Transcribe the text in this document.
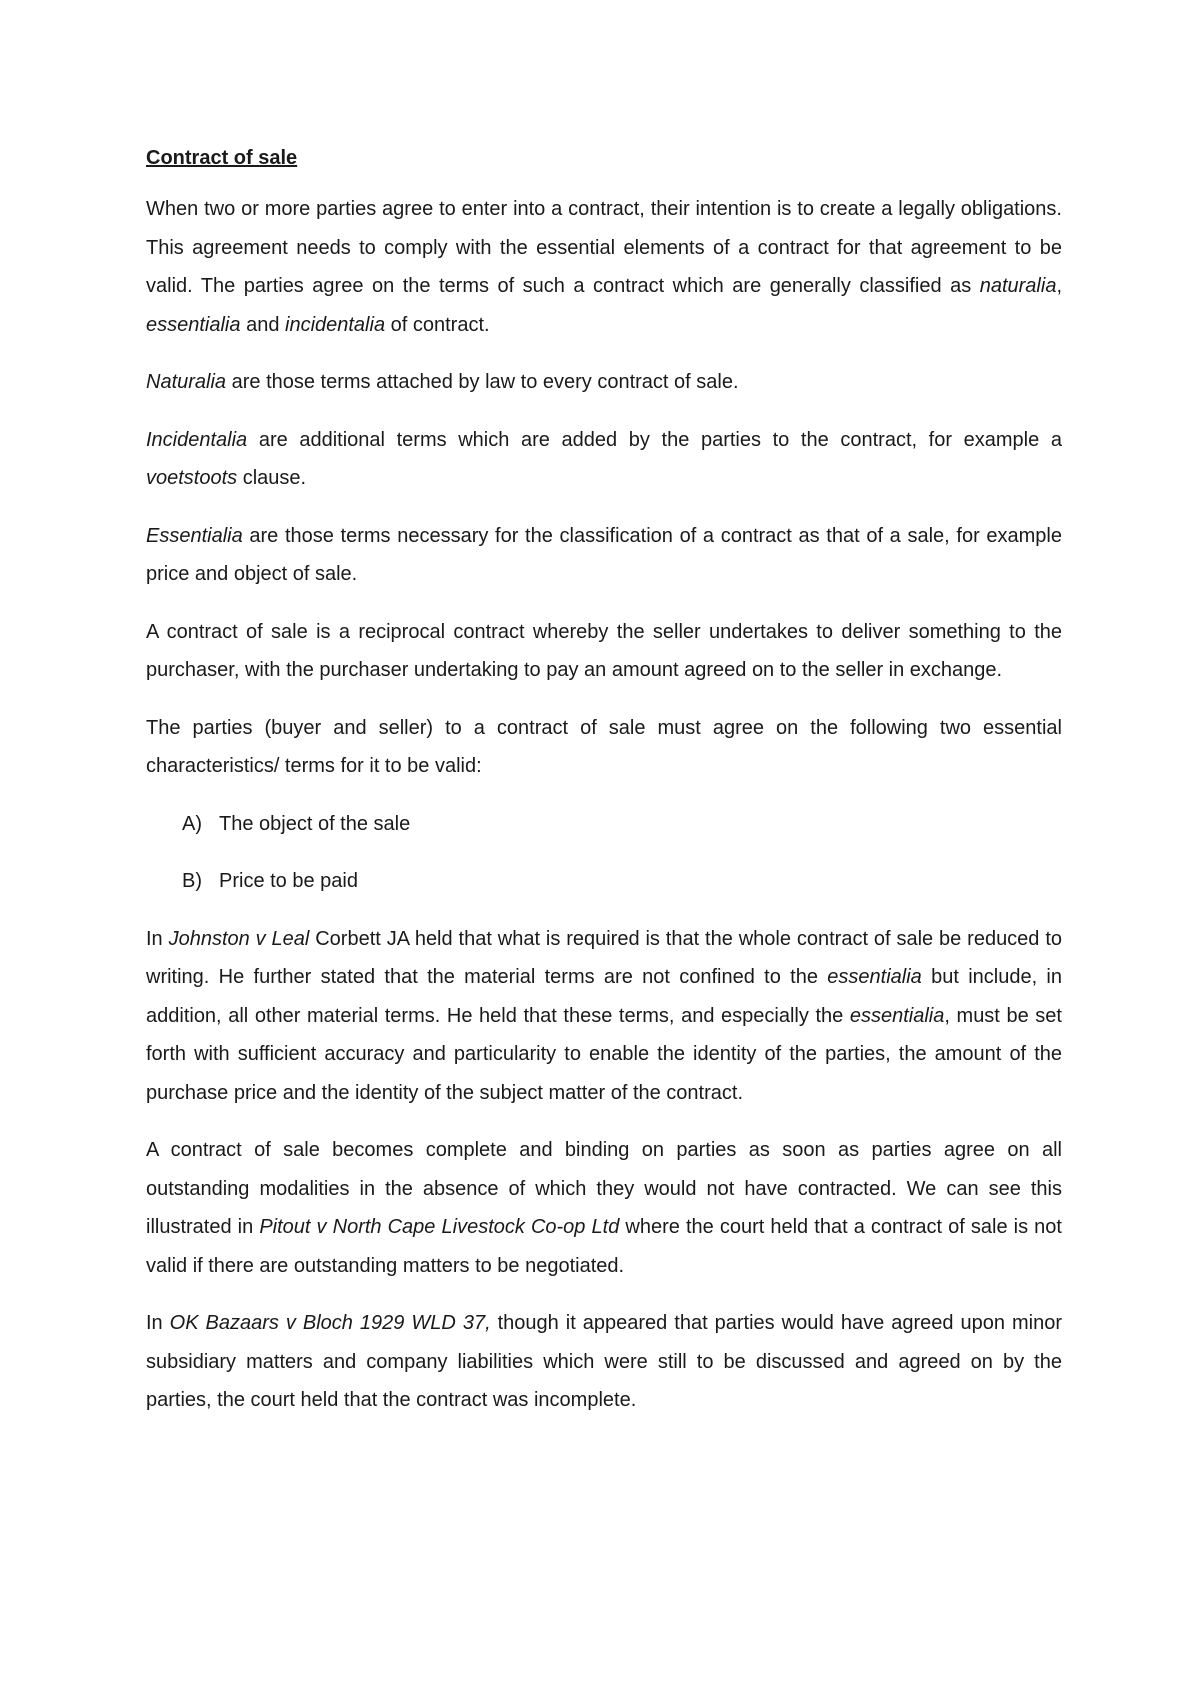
Contract of sale

When two or more parties agree to enter into a contract, their intention is to create a legally obligations. This agreement needs to comply with the essential elements of a contract for that agreement to be valid. The parties agree on the terms of such a contract which are generally classified as naturalia, essentialia and incidentalia of contract.

Naturalia are those terms attached by law to every contract of sale.

Incidentalia are additional terms which are added by the parties to the contract, for example a voetstoots clause.

Essentialia are those terms necessary for the classification of a contract as that of a sale, for example price and object of sale.

A contract of sale is a reciprocal contract whereby the seller undertakes to deliver something to the purchaser, with the purchaser undertaking to pay an amount agreed on to the seller in exchange.

The parties (buyer and seller) to a contract of sale must agree on the following two essential characteristics/ terms for it to be valid:

A) The object of the sale
B) Price to be paid

In Johnston v Leal Corbett JA held that what is required is that the whole contract of sale be reduced to writing. He further stated that the material terms are not confined to the essentialia but include, in addition, all other material terms. He held that these terms, and especially the essentialia, must be set forth with sufficient accuracy and particularity to enable the identity of the parties, the amount of the purchase price and the identity of the subject matter of the contract.

A contract of sale becomes complete and binding on parties as soon as parties agree on all outstanding modalities in the absence of which they would not have contracted. We can see this illustrated in Pitout v North Cape Livestock Co-op Ltd where the court held that a contract of sale is not valid if there are outstanding matters to be negotiated.

In OK Bazaars v Bloch 1929 WLD 37, though it appeared that parties would have agreed upon minor subsidiary matters and company liabilities which were still to be discussed and agreed on by the parties, the court held that the contract was incomplete.
